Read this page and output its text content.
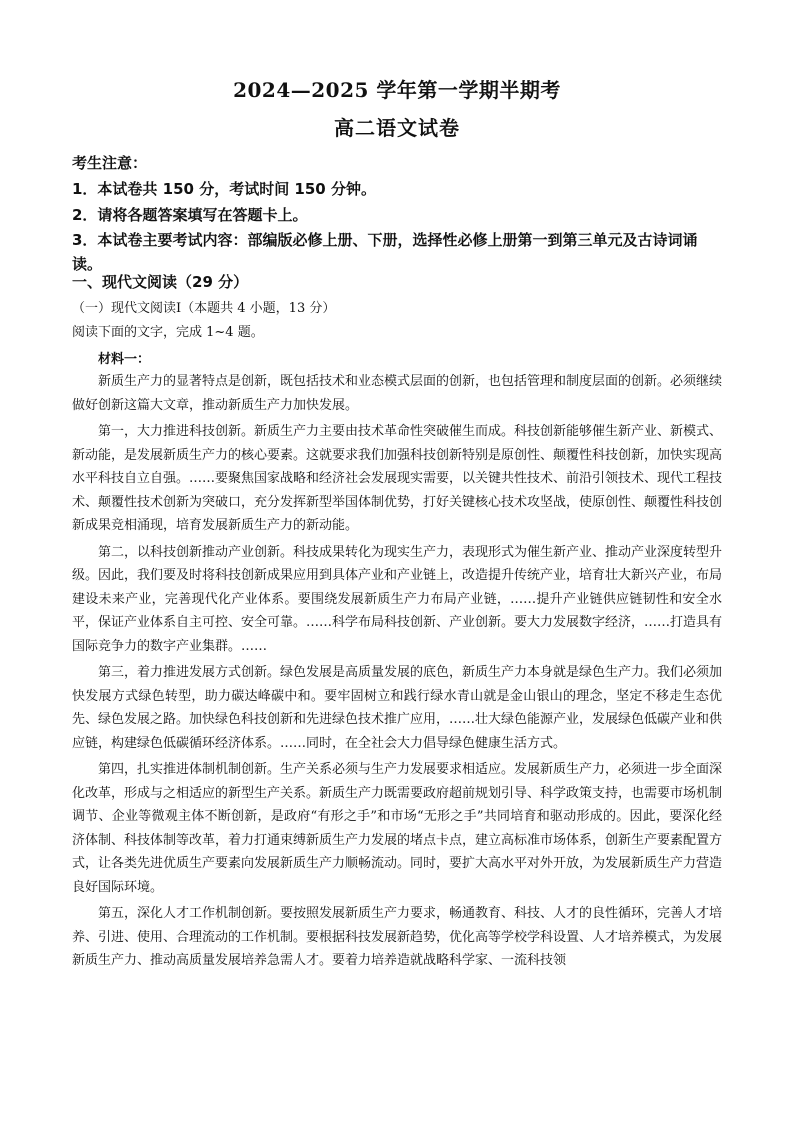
2024—2025 学年第一学期半期考
高二语文试卷
考生注意：
1．本试卷共 150 分，考试时间 150 分钟。
2．请将各题答案填写在答题卡上。
3．本试卷主要考试内容：部编版必修上册、下册，选择性必修上册第一到第三单元及古诗词诵读。
一、现代文阅读（29 分）
（一）现代文阅读Ⅰ（本题共 4 小题，13 分）
阅读下面的文字，完成 1~4 题。
材料一：

新质生产力的显著特点是创新，既包括技术和业态模式层面的创新，也包括管理和制度层面的创新。必须继续做好创新这篇大文章，推动新质生产力加快发展。

第一，大力推进科技创新。新质生产力主要由技术革命性突破催生而成。科技创新能够催生新产业、新模式、新动能，是发展新质生产力的核心要素。这就要求我们加强科技创新特别是原创性、颠覆性科技创新，加快实现高水平科技自立自强。……要聚焦国家战略和经济社会发展现实需要，以关键共性技术、前沿引领技术、现代工程技术、颠覆性技术创新为突破口，充分发挥新型举国体制优势，打好关键核心技术攻坚战，使原创性、颠覆性科技创新成果竞相涌现，培育发展新质生产力的新动能。

第二，以科技创新推动产业创新。科技成果转化为现实生产力，表现形式为催生新产业、推动产业深度转型升级。因此，我们要及时将科技创新成果应用到具体产业和产业链上，改造提升传统产业，培育壮大新兴产业，布局建设未来产业，完善现代化产业体系。要围绕发展新质生产力布局产业链，……提升产业链供应链韧性和安全水平，保证产业体系自主可控、安全可靠。……科学布局科技创新、产业创新。要大力发展数字经济，……打造具有国际竞争力的数字产业集群。……

第三，着力推进发展方式创新。绿色发展是高质量发展的底色，新质生产力本身就是绿色生产力。我们必须加快发展方式绿色转型，助力碳达峰碳中和。要牢固树立和践行绿水青山就是金山银山的理念，坚定不移走生态优先、绿色发展之路。加快绿色科技创新和先进绿色技术推广应用，……壮大绿色能源产业，发展绿色低碳产业和供应链，构建绿色低碳循环经济体系。……同时，在全社会大力倡导绿色健康生活方式。

第四，扎实推进体制机制创新。生产关系必须与生产力发展要求相适应。发展新质生产力，必须进一步全面深化改革，形成与之相适应的新型生产关系。新质生产力既需要政府超前规划引导、科学政策支持，也需要市场机制调节、企业等微观主体不断创新，是政府“有形之手”和市场“无形之手”共同培育和驱动形成的。因此，要深化经济体制、科技体制等改革，着力打通束缚新质生产力发展的堵点卡点，建立高标准市场体系，创新生产要素配置方式，让各类先进优质生产要素向发展新质生产力顺畅流动。同时，要扩大高水平对外开放，为发展新质生产力营造良好国际环境。

第五，深化人才工作机制创新。要按照发展新质生产力要求，畅通教育、科技、人才的良性循环，完善人才培养、引进、使用、合理流动的工作机制。要根据科技发展新趋势，优化高等学校学科设置、人才培养模式，为发展新质生产力、推动高质量发展培养急需人才。要着力培养造就战略科学家、一流科技领
